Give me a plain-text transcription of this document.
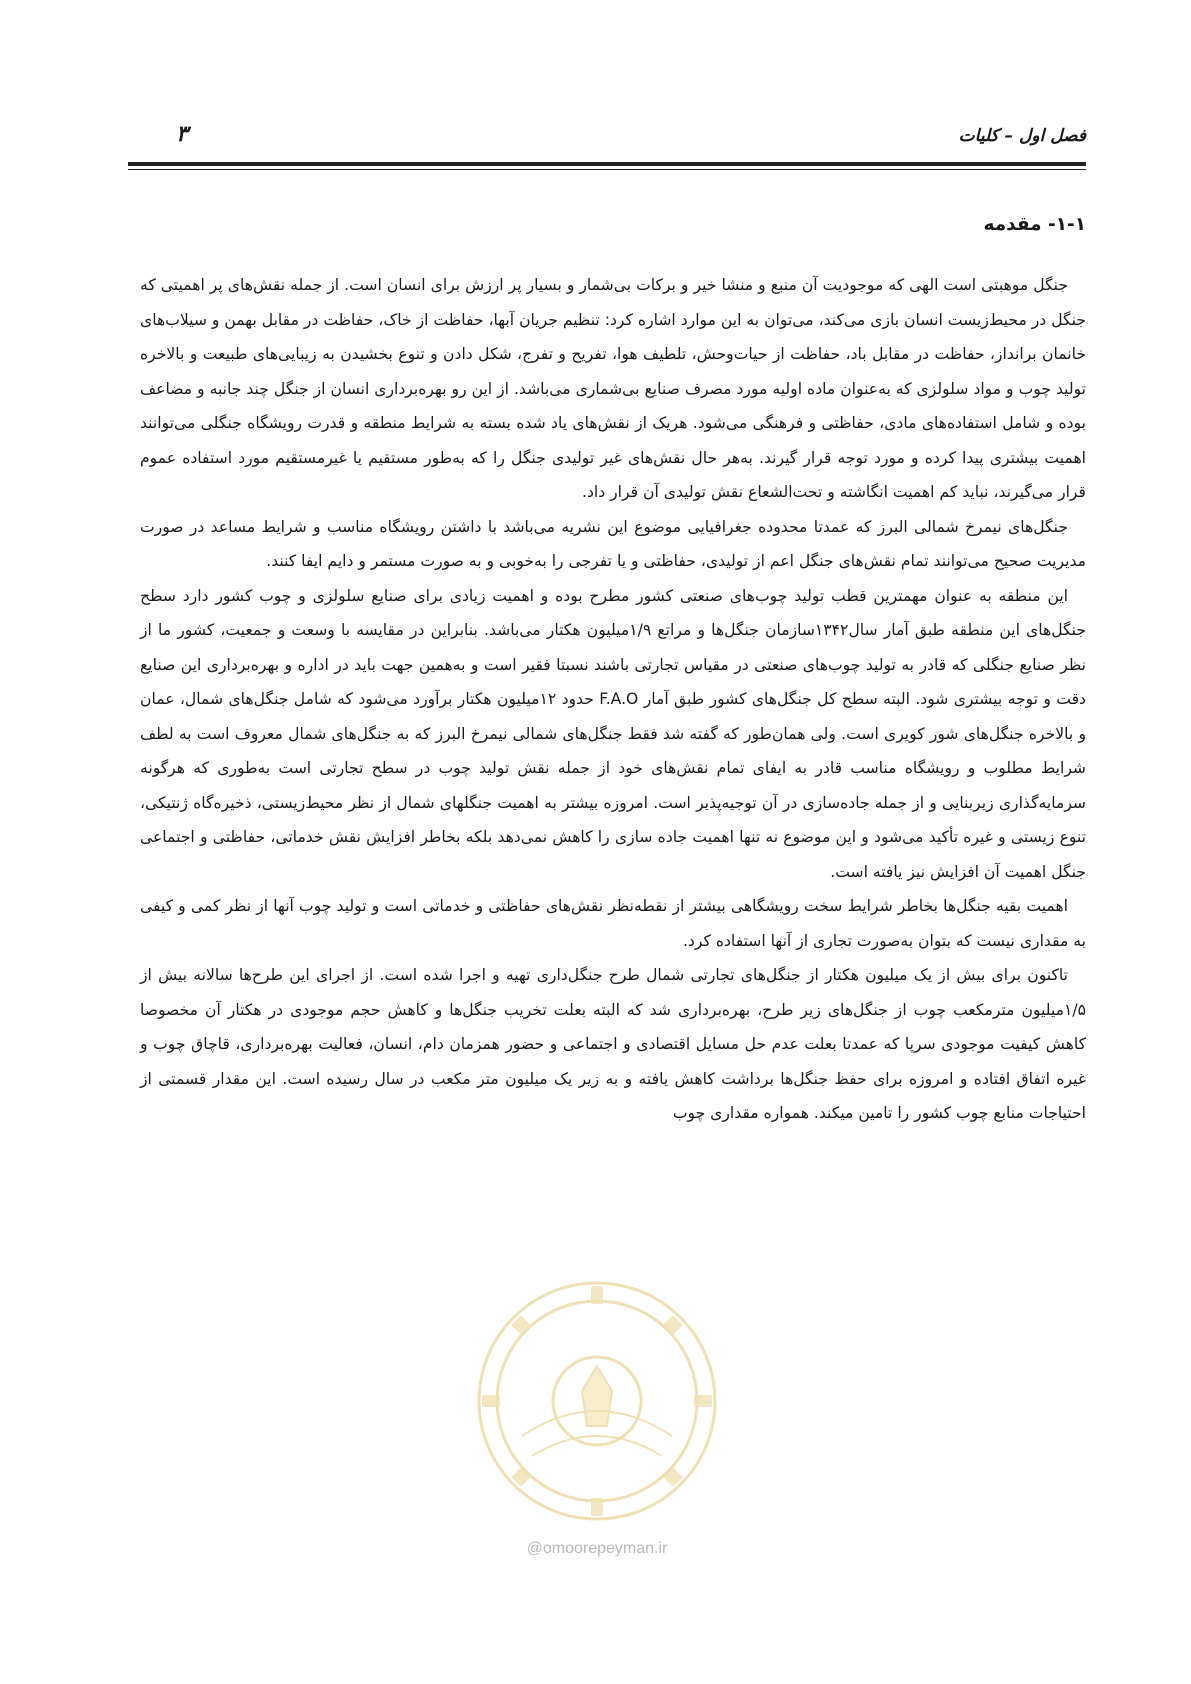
فصل اول – کلیات
۳
۱-۱- مقدمه

جنگل موهبتی است الهی که موجودیت آن منبع و منشا خیر و برکات بی‌شمار و بسیار پر ارزش برای انسان است. از جمله نقش‌های پر اهمیتی که جنگل در محیط‌زیست انسان بازی می‌کند، می‌توان به این موارد اشاره کرد: تنظیم جریان آبها، حفاظت از خاک، حفاظت در مقابل بهمن و سیلاب‌های خانمان برانداز، حفاظت در مقابل باد، حفاظت از حیات‌وحش، تلطیف هوا، تفریح و تفرج، شکل دادن و تنوع بخشیدن به زیبایی‌های طبیعت و بالاخره تولید چوب و مواد سلولزی که به‌عنوان ماده اولیه مورد مصرف صنایع بی‌شماری می‌باشد. از این رو بهره‌برداری انسان از جنگل چند جانبه و مضاعف بوده و شامل استفاده‌های مادی، حفاظتی و فرهنگی می‌شود. هریک از نقش‌های یاد شده بسته به شرایط منطقه و قدرت رویشگاه جنگلی می‌توانند اهمیت بیشتری پیدا کرده و مورد توجه قرار گیرند. به‌هر حال نقش‌های غیر تولیدی جنگل را که به‌طور مستقیم یا غیرمستقیم مورد استفاده عموم قرار می‌گیرند، نباید کم اهمیت انگاشته و تحت‌الشعاع نقش تولیدی آن قرار داد.

جنگل‌های نیمرخ شمالی البرز که عمدتا محدوده جغرافیایی موضوع این نشریه می‌باشد با داشتن رویشگاه مناسب و شرایط مساعد در صورت مدیریت صحیح می‌توانند تمام نقش‌های جنگل اعم از تولیدی، حفاظتی و یا تفرجی را به‌خوبی و به صورت مستمر و دایم ایفا کنند.

این منطقه به عنوان مهمترین قطب تولید چوب‌های صنعتی کشور مطرح بوده و اهمیت زیادی برای صنایع سلولزی و چوب کشور دارد سطح جنگل‌های این منطقه طبق آمار سال۱۳۴۲سازمان جنگل‌ها و مراتع ۱/۹میلیون هکتار می‌باشد. بنابراین در مقایسه با وسعت و جمعیت، کشور ما از نظر صنایع جنگلی که قادر به تولید چوب‌های صنعتی در مقیاس تجارتی باشند نسبتا فقیر است و به‌همین جهت باید در اداره و بهره‌برداری این صنایع دقت و توجه بیشتری شود. البته سطح کل جنگل‌های کشور طبق آمار F.A.O حدود ۱۲میلیون هکتار برآورد می‌شود که شامل جنگل‌های شمال، عمان و بالاخره جنگل‌های شور کویری است. ولی همان‌طور که گفته شد فقط جنگل‌های شمالی نیمرخ البرز که به جنگل‌های شمال معروف است به لطف شرایط مطلوب و رویشگاه مناسب قادر به ایفای تمام نقش‌های خود از جمله نقش تولید چوب در سطح تجارتی است به‌طوری که هرگونه سرمایه‌گذاری زیربنایی و از جمله جاده‌سازی در آن توجیه‌پذیر است. امروزه بیشتر به اهمیت جنگلهای شمال از نظر محیط‌زیستی، ذخیره‌گاه ژنتیکی، تنوع زیستی و غیره تأکید می‌شود و این موضوع نه تنها اهمیت جاده سازی را کاهش نمی‌دهد بلکه بخاطر افزایش نقش خدماتی، حفاظتی و اجتماعی جنگل اهمیت آن افزایش نیز یافته است.

اهمیت بقیه جنگل‌ها بخاطر شرایط سخت رویشگاهی بیشتر از نقطه‌نظر نقش‌های حفاظتی و خدماتی است و تولید چوب آنها از نظر کمی و کیفی به مقداری نیست که بتوان به‌صورت تجاری از آنها استفاده کرد.

تاکنون برای بیش از یک میلیون هکتار از جنگل‌های تجارتی شمال طرح جنگل‌داری تهیه و اجرا شده است. از اجرای این طرح‌ها سالانه بیش از ۱/۵میلیون مترمکعب چوب از جنگل‌های زیر طرح، بهره‌برداری شد که البته بعلت تخریب جنگل‌ها و کاهش حجم موجودی در هکتار آن مخصوصا کاهش کیفیت موجودی سرپا که عمدتا بعلت عدم حل مسایل اقتصادی و اجتماعی و حضور همزمان دام، انسان، فعالیت بهره‌برداری، قاچاق چوب و غیره اتفاق افتاده و امروزه برای حفظ جنگل‌ها برداشت کاهش یافته و به زیر یک میلیون متر مکعب در سال رسیده است. این مقدار قسمتی از احتیاجات منابع چوب کشور را تامین میکند. همواره مقداری چوب

@omoorepeyman.ir
